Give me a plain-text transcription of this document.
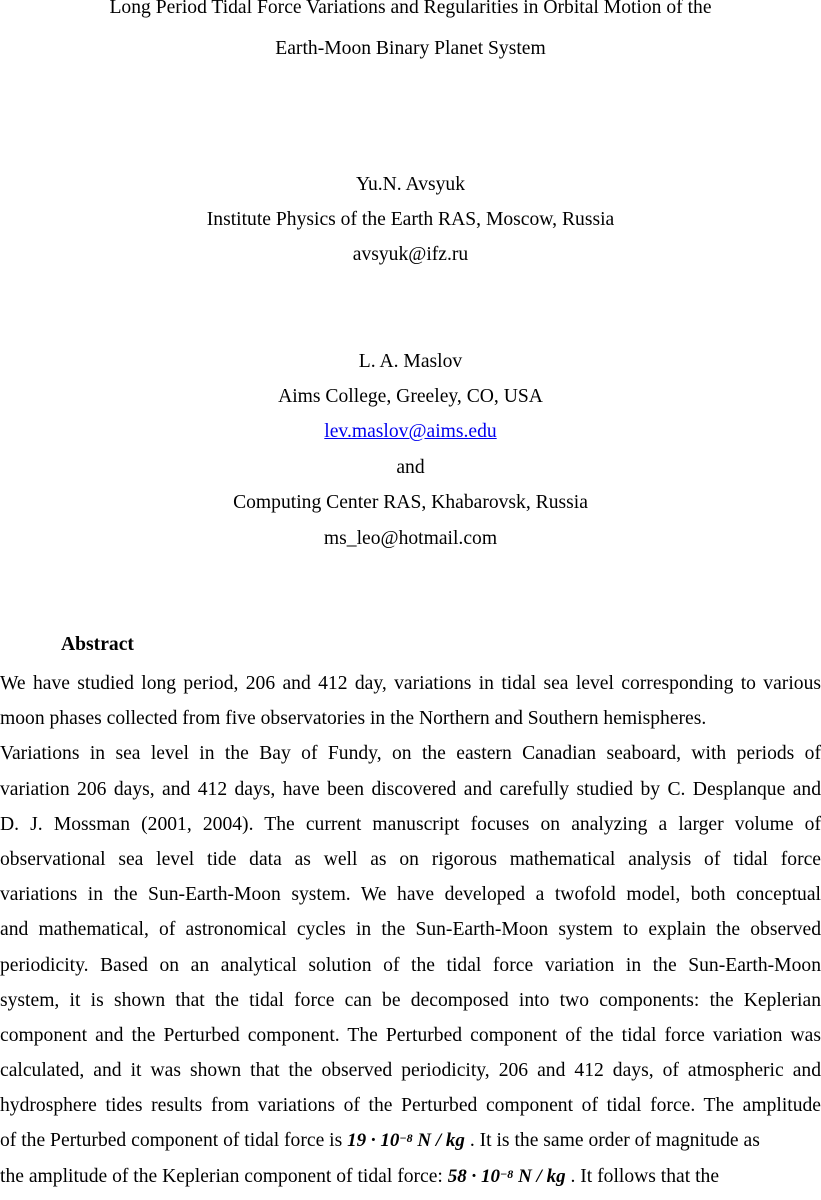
Long Period Tidal Force Variations and Regularities in Orbital Motion of the
Earth-Moon Binary Planet System
Yu.N. Avsyuk
Institute Physics of the Earth RAS, Moscow, Russia
avsyuk@ifz.ru
L. A. Maslov
Aims College, Greeley, CO, USA
lev.maslov@aims.edu
and
Computing Center RAS, Khabarovsk, Russia
ms_leo@hotmail.com
Abstract
We have studied long period, 206 and 412 day, variations in tidal sea level corresponding to various
moon phases collected from five observatories in the Northern and Southern hemispheres.
Variations in sea level in the Bay of Fundy, on the eastern Canadian seaboard, with periods of
variation 206 days, and 412 days, have been discovered and carefully studied by C. Desplanque and
D. J. Mossman (2001, 2004). The current manuscript focuses on analyzing a larger volume of
observational sea level tide data as well as on rigorous mathematical analysis of tidal force
variations in the Sun-Earth-Moon system. We have developed a twofold model, both conceptual
and mathematical, of astronomical cycles in the Sun-Earth-Moon system to explain the observed
periodicity. Based on an analytical solution of the tidal force variation in the Sun-Earth-Moon
system, it is shown that the tidal force can be decomposed into two components: the Keplerian
component and the Perturbed component. The Perturbed component of the tidal force variation was
calculated, and it was shown that the observed periodicity, 206 and 412 days, of atmospheric and
hydrosphere tides results from variations of the Perturbed component of tidal force. The amplitude
of the Perturbed component of tidal force is $19 \cdot 10^{-8}$ N / kg . It is the same order of magnitude as
the amplitude of the Keplerian component of tidal force: $58 \cdot 10^{-8}$ N / kg . It follows that the
